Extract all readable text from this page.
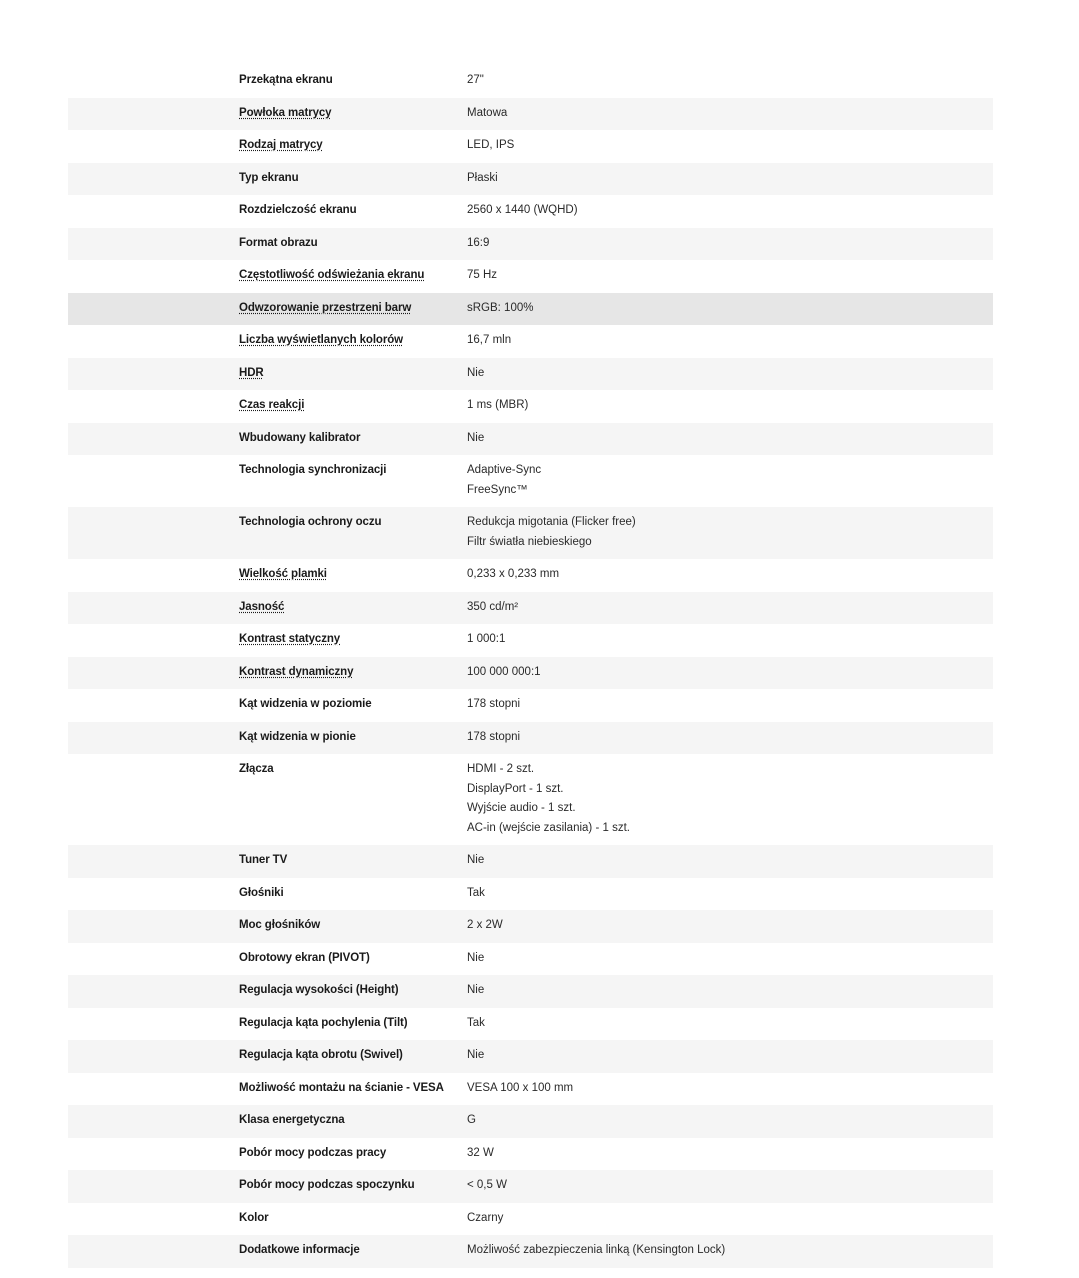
Przekątna ekranu	27"
Powłoka matrycy	Matowa
Rodzaj matrycy	LED, IPS
Typ ekranu	Płaski
Rozdzielczość ekranu	2560 x 1440 (WQHD)
Format obrazu	16:9
Częstotliwość odświeżania ekranu	75 Hz
Odwzorowanie przestrzeni barw	sRGB: 100%
Liczba wyświetlanych kolorów	16,7 mln
HDR	Nie
Czas reakcji	1 ms (MBR)
Wbudowany kalibrator	Nie
Technologia synchronizacji	Adaptive-Sync
FreeSync™
Technologia ochrony oczu	Redukcja migotania (Flicker free)
Filtr światła niebieskiego
Wielkość plamki	0,233 x 0,233 mm
Jasność	350 cd/m²
Kontrast statyczny	1 000:1
Kontrast dynamiczny	100 000 000:1
Kąt widzenia w poziomie	178 stopni
Kąt widzenia w pionie	178 stopni
Złącza	HDMI - 2 szt.
DisplayPort - 1 szt.
Wyjście audio - 1 szt.
AC-in (wejście zasilania) - 1 szt.
Tuner TV	Nie
Głośniki	Tak
Moc głośników	2 x 2W
Obrotowy ekran (PIVOT)	Nie
Regulacja wysokości (Height)	Nie
Regulacja kąta pochylenia (Tilt)	Tak
Regulacja kąta obrotu (Swivel)	Nie
Możliwość montażu na ścianie - VESA	VESA 100 x 100 mm
Klasa energetyczna	G
Pobór mocy podczas pracy	32 W
Pobór mocy podczas spoczynku	< 0,5 W
Kolor	Czarny
Dodatkowe informacje	Możliwość zabezpieczenia linką (Kensington Lock)
